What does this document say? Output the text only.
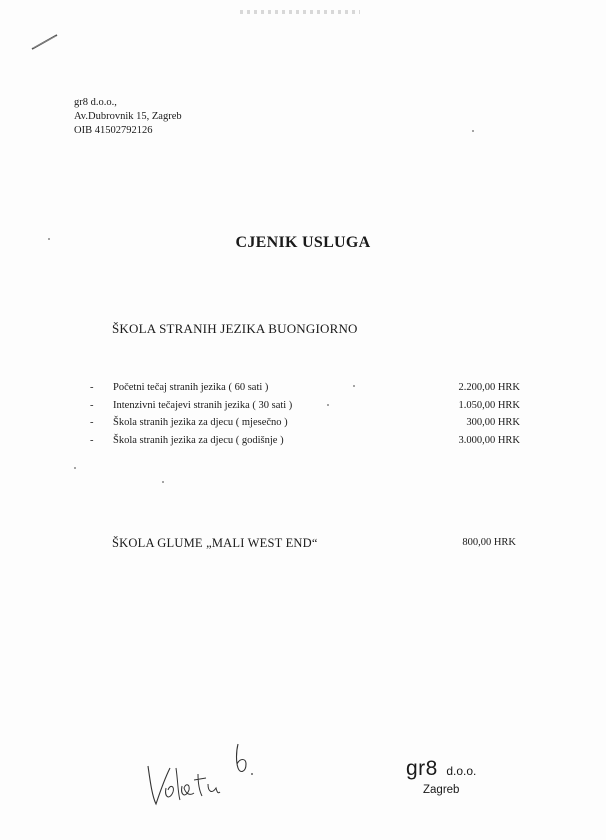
gr8 d.o.o.,
Av.Dubrovnik 15, Zagreb
OIB 41502792126
CJENIK USLUGA
ŠKOLA STRANIH JEZIKA BUONGIORNO
- Početni tečaj stranih jezika ( 60 sati )	2.200,00 HRK
- Intenzivni tečajevi stranih jezika ( 30 sati )	1.050,00 HRK
- Škola stranih jezika za djecu ( mjesečno )	300,00 HRK
- Škola stranih jezika za djecu ( godišnje )	3.000,00 HRK
ŠKOLA GLUME „MALI WEST END“	800,00 HRK
gr8 d.o.o.
Zagreb
